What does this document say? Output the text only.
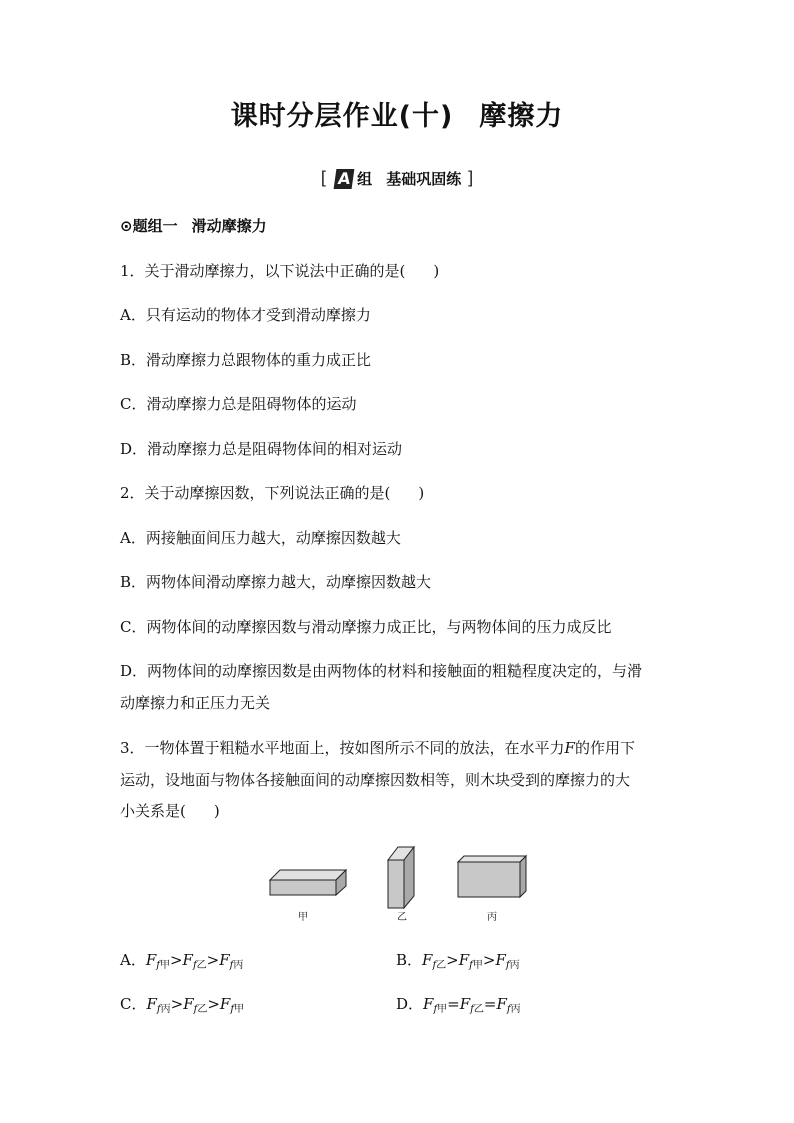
课时分层作业(十) 摩擦力
[ A 组 基础巩固练 ]
⊙题组一 滑动摩擦力
1．关于滑动摩擦力，以下说法中正确的是( )
A．只有运动的物体才受到滑动摩擦力
B．滑动摩擦力总跟物体的重力成正比
C．滑动摩擦力总是阻碍物体的运动
D．滑动摩擦力总是阻碍物体间的相对运动
2．关于动摩擦因数，下列说法正确的是( )
A．两接触面间压力越大，动摩擦因数越大
B．两物体间滑动摩擦力越大，动摩擦因数越大
C．两物体间的动摩擦因数与滑动摩擦力成正比，与两物体间的压力成反比
D．两物体间的动摩擦因数是由两物体的材料和接触面的粗糙程度决定的，与滑
动摩擦力和正压力无关
3．一物体置于粗糙水平地面上，按如图所示不同的放法，在水平力F的作用下
运动，设地面与物体各接触面间的动摩擦因数相等，则木块受到的摩擦力的大
小关系是( )
甲	乙	丙
A．$F_{f甲}>F_{f乙}>F_{f丙}$	B．$F_{f乙}>F_{f甲}>F_{f丙}$
C．$F_{f丙}>F_{f乙}>F_{f甲}$	D．$F_{f甲}=F_{f乙}=F_{f丙}$
